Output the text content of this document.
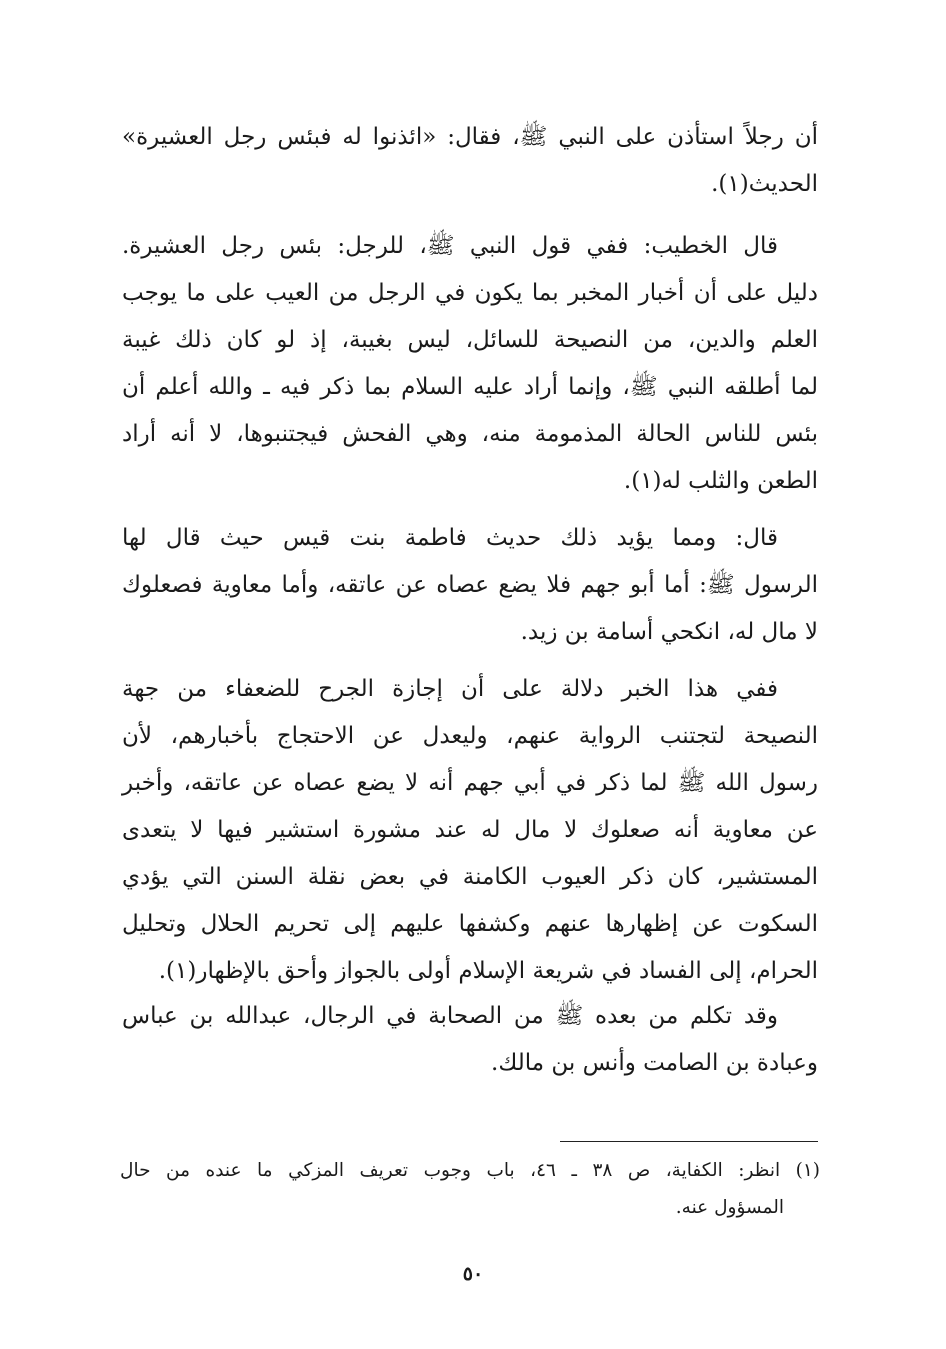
أن رجلاً استأذن على النبي ﷺ، فقال: «ائذنوا له فبئس رجل العشيرة»
الحديث(١).
قال الخطيب: ففي قول النبي ﷺ، للرجل: بئس رجل العشيرة.
دليل على أن أخبار المخبر بما يكون في الرجل من العيب على ما يوجب
العلم والدين، من النصيحة للسائل، ليس بغيبة، إذ لو كان ذلك غيبة
لما أطلقه النبي ﷺ، وإنما أراد عليه السلام بما ذكر فيه ـ والله أعلم أن
بئس للناس الحالة المذمومة منه، وهي الفحش فيجتنبوها، لا أنه أراد
الطعن والثلب له(١).
قال: ومما يؤيد ذلك حديث فاطمة بنت قيس حيث قال لها
الرسول ﷺ: أما أبو جهم فلا يضع عصاه عن عاتقه، وأما معاوية فصعلوك
لا مال له، انكحي أسامة بن زيد.
ففي هذا الخبر دلالة على أن إجازة الجرح للضعفاء من جهة
النصيحة لتجتنب الرواية عنهم، وليعدل عن الاحتجاج بأخبارهم، لأن
رسول الله ﷺ لما ذكر في أبي جهم أنه لا يضع عصاه عن عاتقه، وأخبر
عن معاوية أنه صعلوك لا مال له عند مشورة استشير فيها لا يتعدى
المستشير، كان ذكر العيوب الكامنة في بعض نقلة السنن التي يؤدي
السكوت عن إظهارها عنهم وكشفها عليهم إلى تحريم الحلال وتحليل
الحرام، إلى الفساد في شريعة الإسلام أولى بالجواز وأحق بالإظهار(١).
وقد تكلم من بعده ﷺ من الصحابة في الرجال، عبدالله بن عباس
وعبادة بن الصامت وأنس بن مالك.
(١) انظر: الكفاية، ص ٣٨ ـ ٤٦، باب وجوب تعريف المزكي ما عنده من حال
المسؤول عنه.
٥٠
